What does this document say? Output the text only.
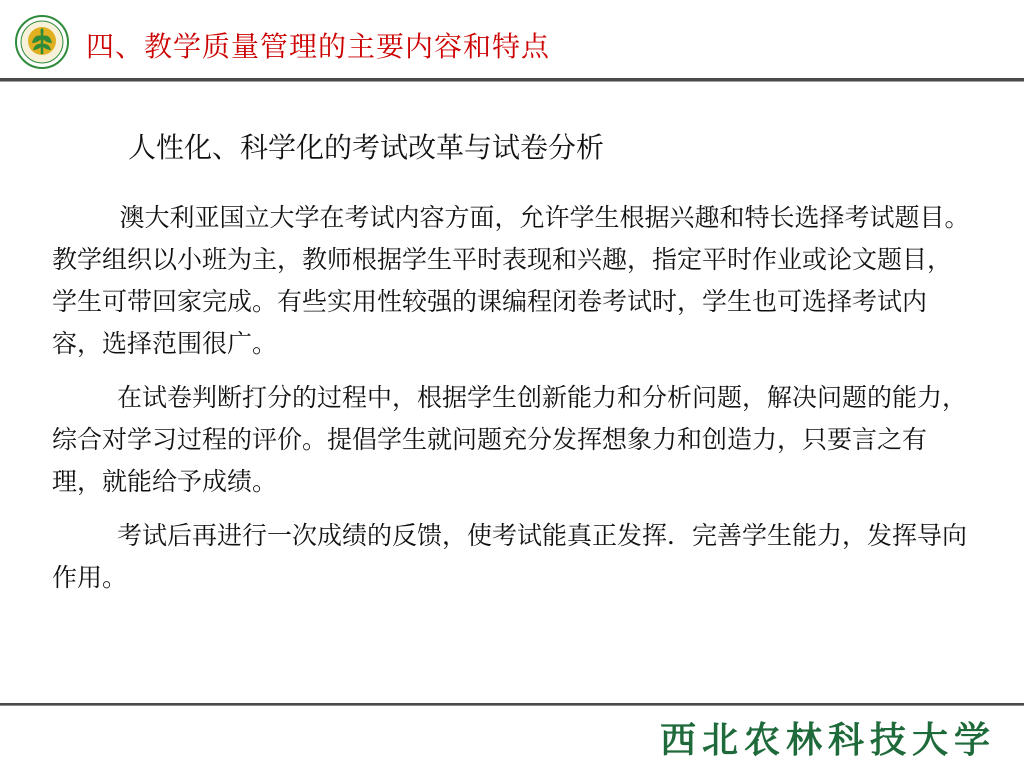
四、教学质量管理的主要内容和特点
人性化、科学化的考试改革与试卷分析

澳大利亚国立大学在考试内容方面，允许学生根据兴趣和特长选择考试题目。教学组织以小班为主，教师根据学生平时表现和兴趣，指定平时作业或论文题目，学生可带回家完成。有些实用性较强的课编程闭卷考试时，学生也可选择考试内容，选择范围很广。

在试卷判断打分的过程中，根据学生创新能力和分析问题，解决问题的能力，综合对学习过程的评价。提倡学生就问题充分发挥想象力和创造力，只要言之有理，就能给予成绩。

考试后再进行一次成绩的反馈，使考试能真正发挥．完善学生能力，发挥导向作用。

西北农林科技大学
